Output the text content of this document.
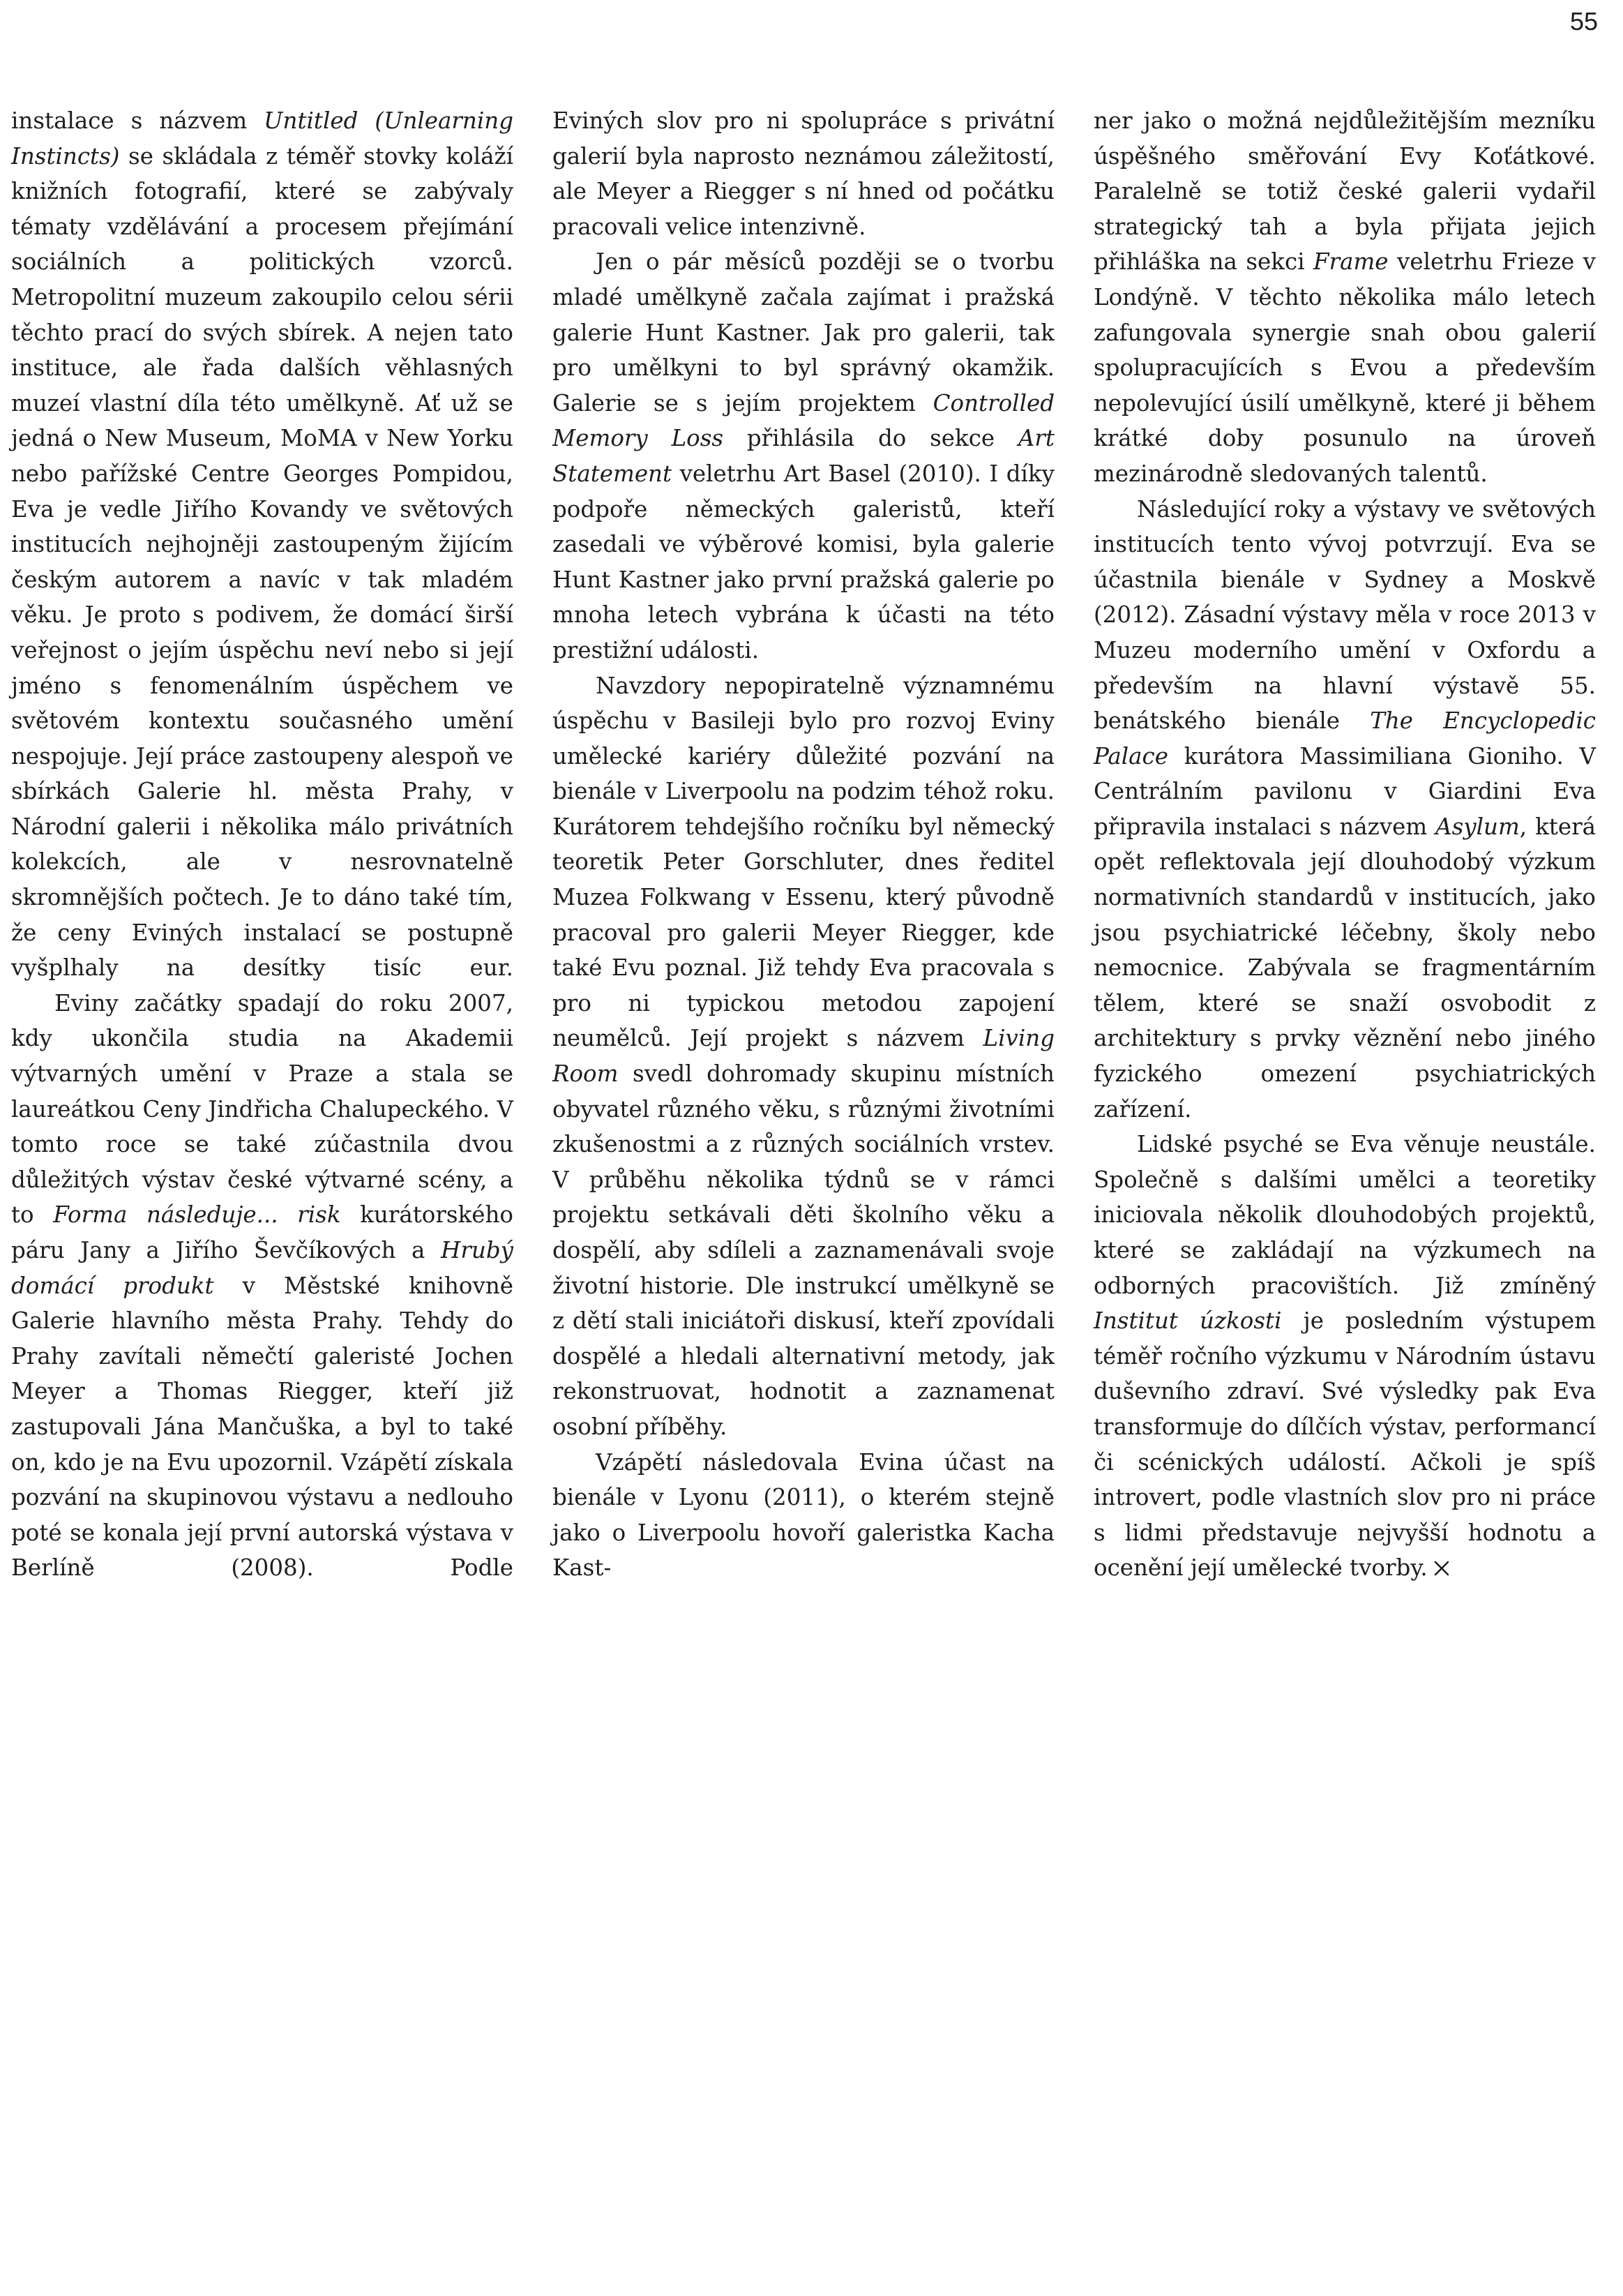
55

instalace s názvem Untitled (Unlearning Instincts) se skládala z téměř stovky koláží knižních fotografií, které se zabývaly tématy vzdělávání a procesem přejímání sociálních a politických vzorců. Metropolitní muzeum zakoupilo celou sérii těchto prací do svých sbírek. A nejen tato instituce, ale řada dalších věhlasných muzeí vlastní díla této umělkyně. Ať už se jedná o New Museum, MoMA v New Yorku nebo pařížské Centre Georges Pompidou, Eva je vedle Jiřího Kovandy ve světových institucích nejhojněji zastoupeným žijícím českým autorem a navíc v tak mladém věku. Je proto s podivem, že domácí širší veřejnost o jejím úspěchu neví nebo si její jméno s fenomenálním úspěchem ve světovém kontextu současného umění nespojuje. Její práce zastoupeny alespoň ve sbírkách Galerie hl. města Prahy, v Národní galerii i několika málo privátních kolekcích, ale v nesrovnatelně skromnějších počtech. Je to dáno také tím, že ceny Eviných instalací se postupně vyšplhaly na desítky tisíc eur.

Eviny začátky spadají do roku 2007, kdy ukončila studia na Akademii výtvarných umění v Praze a stala se laureátkou Ceny Jindřicha Chalupeckého. V tomto roce se také zúčastnila dvou důležitých výstav české výtvarné scény, a to Forma následuje... risk kurátorského páru Jany a Jiřího Ševčíkových a Hrubý domácí produkt v Městské knihovně Galerie hlavního města Prahy. Tehdy do Prahy zavítali němečtí galeristé Jochen Meyer a Thomas Riegger, kteří již zastupovali Jána Mančuška, a byl to také on, kdo je na Evu upozornil. Vzápětí získala pozvání na skupinovou výstavu a nedlouho poté se konala její první autorská výstava v Berlíně (2008). Podle

Eviných slov pro ni spolupráce s privátní galerií byla naprosto neznámou záležitostí, ale Meyer a Riegger s ní hned od počátku pracovali velice intenzivně.

Jen o pár měsíců později se o tvorbu mladé umělkyně začala zajímat i pražská galerie Hunt Kastner. Jak pro galerii, tak pro umělkyni to byl správný okamžik. Galerie se s jejím projektem Controlled Memory Loss přihlásila do sekce Art Statement veletrhu Art Basel (2010). I díky podpoře německých galeristů, kteří zasedali ve výběrové komisi, byla galerie Hunt Kastner jako první pražská galerie po mnoha letech vybrána k účasti na této prestižní události.

Navzdory nepopiratelně významnému úspěchu v Basileji bylo pro rozvoj Eviny umělecké kariéry důležité pozvání na bienále v Liverpoolu na podzim téhož roku. Kurátorem tehdejšího ročníku byl německý teoretik Peter Gorschluter, dnes ředitel Muzea Folkwang v Essenu, který původně pracoval pro galerii Meyer Riegger, kde také Evu poznal. Již tehdy Eva pracovala s pro ni typickou metodou zapojení neumělců. Její projekt s názvem Living Room svedl dohromady skupinu místních obyvatel různého věku, s různými životními zkušenostmi a z různých sociálních vrstev. V průběhu několika týdnů se v rámci projektu setkávali děti školního věku a dospělí, aby sdíleli a zaznamenávali svoje životní historie. Dle instrukcí umělkyně se z dětí stali iniciátoři diskusí, kteří zpovídali dospělé a hledali alternativní metody, jak rekonstruovat, hodnotit a zaznamenat osobní příběhy.

Vzápětí následovala Evina účast na bienále v Lyonu (2011), o kterém stejně jako o Liverpoolu hovoří galeristka Kacha Kast-

ner jako o možná nejdůležitějším mezníku úspěšného směřování Evy Koťátkové. Paralelně se totiž české galerii vydařil strategický tah a byla přijata jejich přihláška na sekci Frame veletrhu Frieze v Londýně. V těchto několika málo letech zafungovala synergie snah obou galerií spolupracujících s Evou a především nepolevující úsilí umělkyně, které ji během krátké doby posunulo na úroveň mezinárodně sledovaných talentů.

Následující roky a výstavy ve světových institucích tento vývoj potvrzují. Eva se účastnila bienále v Sydney a Moskvě (2012). Zásadní výstavy měla v roce 2013 v Muzeu moderního umění v Oxfordu a především na hlavní výstavě 55. benátského bienále The Encyclopedic Palace kurátora Massimiliana Gioniho. V Centrálním pavilonu v Giardini Eva připravila instalaci s názvem Asylum, která opět reflektovala její dlouhodobý výzkum normativních standardů v institucích, jako jsou psychiatrické léčebny, školy nebo nemocnice. Zabývala se fragmentárním tělem, které se snaží osvobodit z architektury s prvky věznění nebo jiného fyzického omezení psychiatrických zařízení.

Lidské psyché se Eva věnuje neustále. Společně s dalšími umělci a teoretiky iniciovala několik dlouhodobých projektů, které se zakládají na výzkumech na odborných pracovištích. Již zmíněný Institut úzkosti je posledním výstupem téměř ročního výzkumu v Národním ústavu duševního zdraví. Své výsledky pak Eva transformuje do dílčích výstav, performancí či scénických událostí. Ačkoli je spíš introvert, podle vlastních slov pro ni práce s lidmi představuje nejvyšší hodnotu a ocenění její umělecké tvorby.
